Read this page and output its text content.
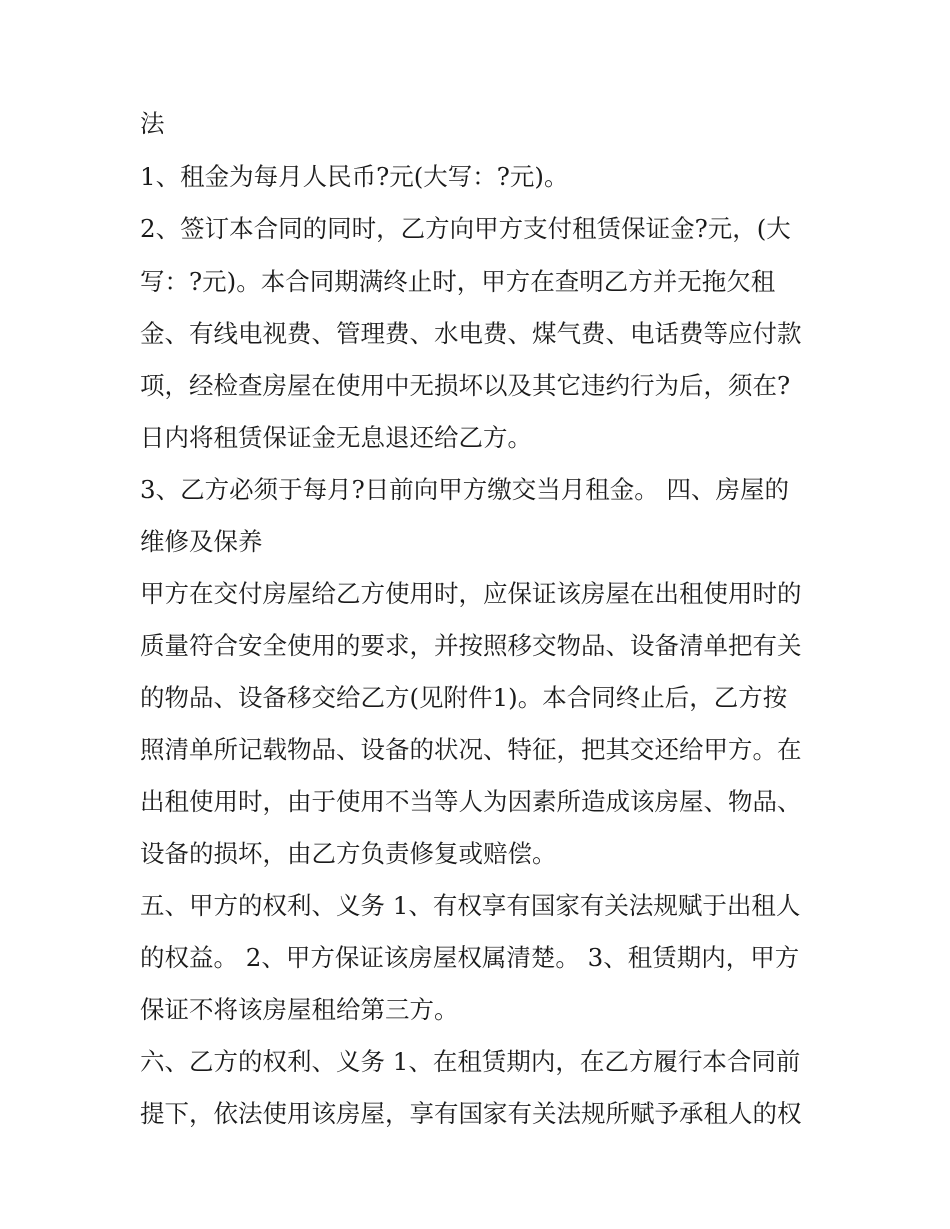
法
1、租金为每月人民币?元(大写：?元)。
2、签订本合同的同时，乙方向甲方支付租赁保证金?元，(大
写：?元)。本合同期满终止时，甲方在查明乙方并无拖欠租
金、有线电视费、管理费、水电费、煤气费、电话费等应付款
项，经检查房屋在使用中无损坏以及其它违约行为后，须在?
日内将租赁保证金无息退还给乙方。
3、乙方必须于每月?日前向甲方缴交当月租金。 四、房屋的
维修及保养
甲方在交付房屋给乙方使用时，应保证该房屋在出租使用时的
质量符合安全使用的要求，并按照移交物品、设备清单把有关
的物品、设备移交给乙方(见附件1)。本合同终止后，乙方按
照清单所记载物品、设备的状况、特征，把其交还给甲方。在
出租使用时，由于使用不当等人为因素所造成该房屋、物品、
设备的损坏，由乙方负责修复或赔偿。
五、甲方的权利、义务 1、有权享有国家有关法规赋于出租人
的权益。 2、甲方保证该房屋权属清楚。 3、租赁期内，甲方
保证不将该房屋租给第三方。
六、乙方的权利、义务 1、在租赁期内，在乙方履行本合同前
提下，依法使用该房屋，享有国家有关法规所赋予承租人的权
